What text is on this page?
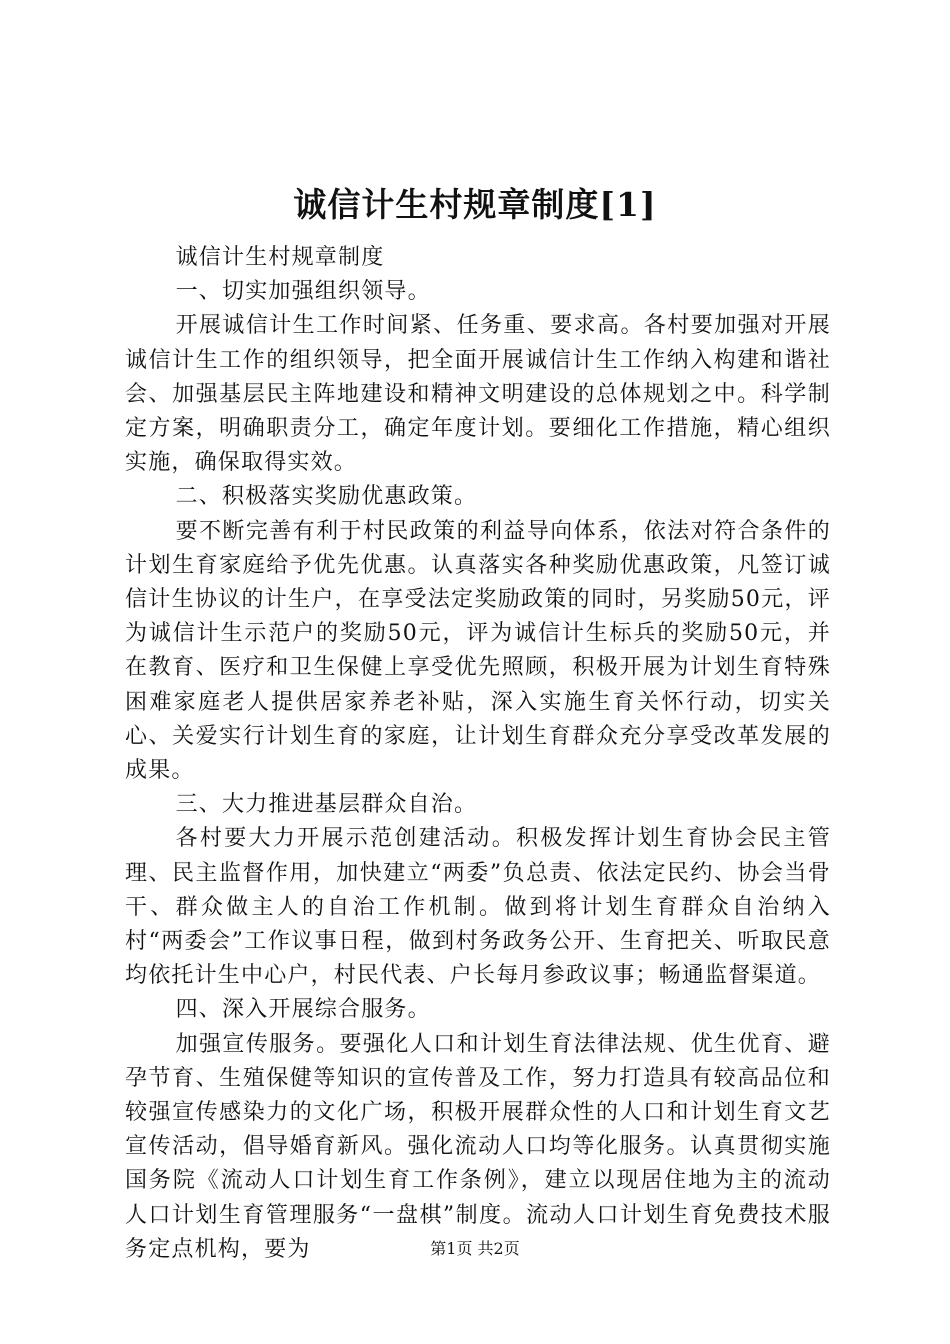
诚信计生村规章制度[1]

诚信计生村规章制度

一、切实加强组织领导。

开展诚信计生工作时间紧、任务重、要求高。各村要加强对开展诚信计生工作的组织领导，把全面开展诚信计生工作纳入构建和谐社会、加强基层民主阵地建设和精神文明建设的总体规划之中。科学制定方案，明确职责分工，确定年度计划。要细化工作措施，精心组织实施，确保取得实效。

二、积极落实奖励优惠政策。

要不断完善有利于村民政策的利益导向体系，依法对符合条件的计划生育家庭给予优先优惠。认真落实各种奖励优惠政策，凡签订诚信计生协议的计生户，在享受法定奖励政策的同时，另奖励50元，评为诚信计生示范户的奖励50元，评为诚信计生标兵的奖励50元，并在教育、医疗和卫生保健上享受优先照顾，积极开展为计划生育特殊困难家庭老人提供居家养老补贴，深入实施生育关怀行动，切实关心、关爱实行计划生育的家庭，让计划生育群众充分享受改革发展的成果。

三、大力推进基层群众自治。

各村要大力开展示范创建活动。积极发挥计划生育协会民主管理、民主监督作用，加快建立“两委”负总责、依法定民约、协会当骨干、群众做主人的自治工作机制。做到将计划生育群众自治纳入村“两委会”工作议事日程，做到村务政务公开、生育把关、听取民意均依托计生中心户，村民代表、户长每月参政议事；畅通监督渠道。

四、深入开展综合服务。

加强宣传服务。要强化人口和计划生育法律法规、优生优育、避孕节育、生殖保健等知识的宣传普及工作，努力打造具有较高品位和较强宣传感染力的文化广场，积极开展群众性的人口和计划生育文艺宣传活动，倡导婚育新风。强化流动人口均等化服务。认真贯彻实施国务院《流动人口计划生育工作条例》，建立以现居住地为主的流动人口计划生育管理服务“一盘棋”制度。流动人口计划生育免费技术服务定点机构，要为	第1页 共2页
